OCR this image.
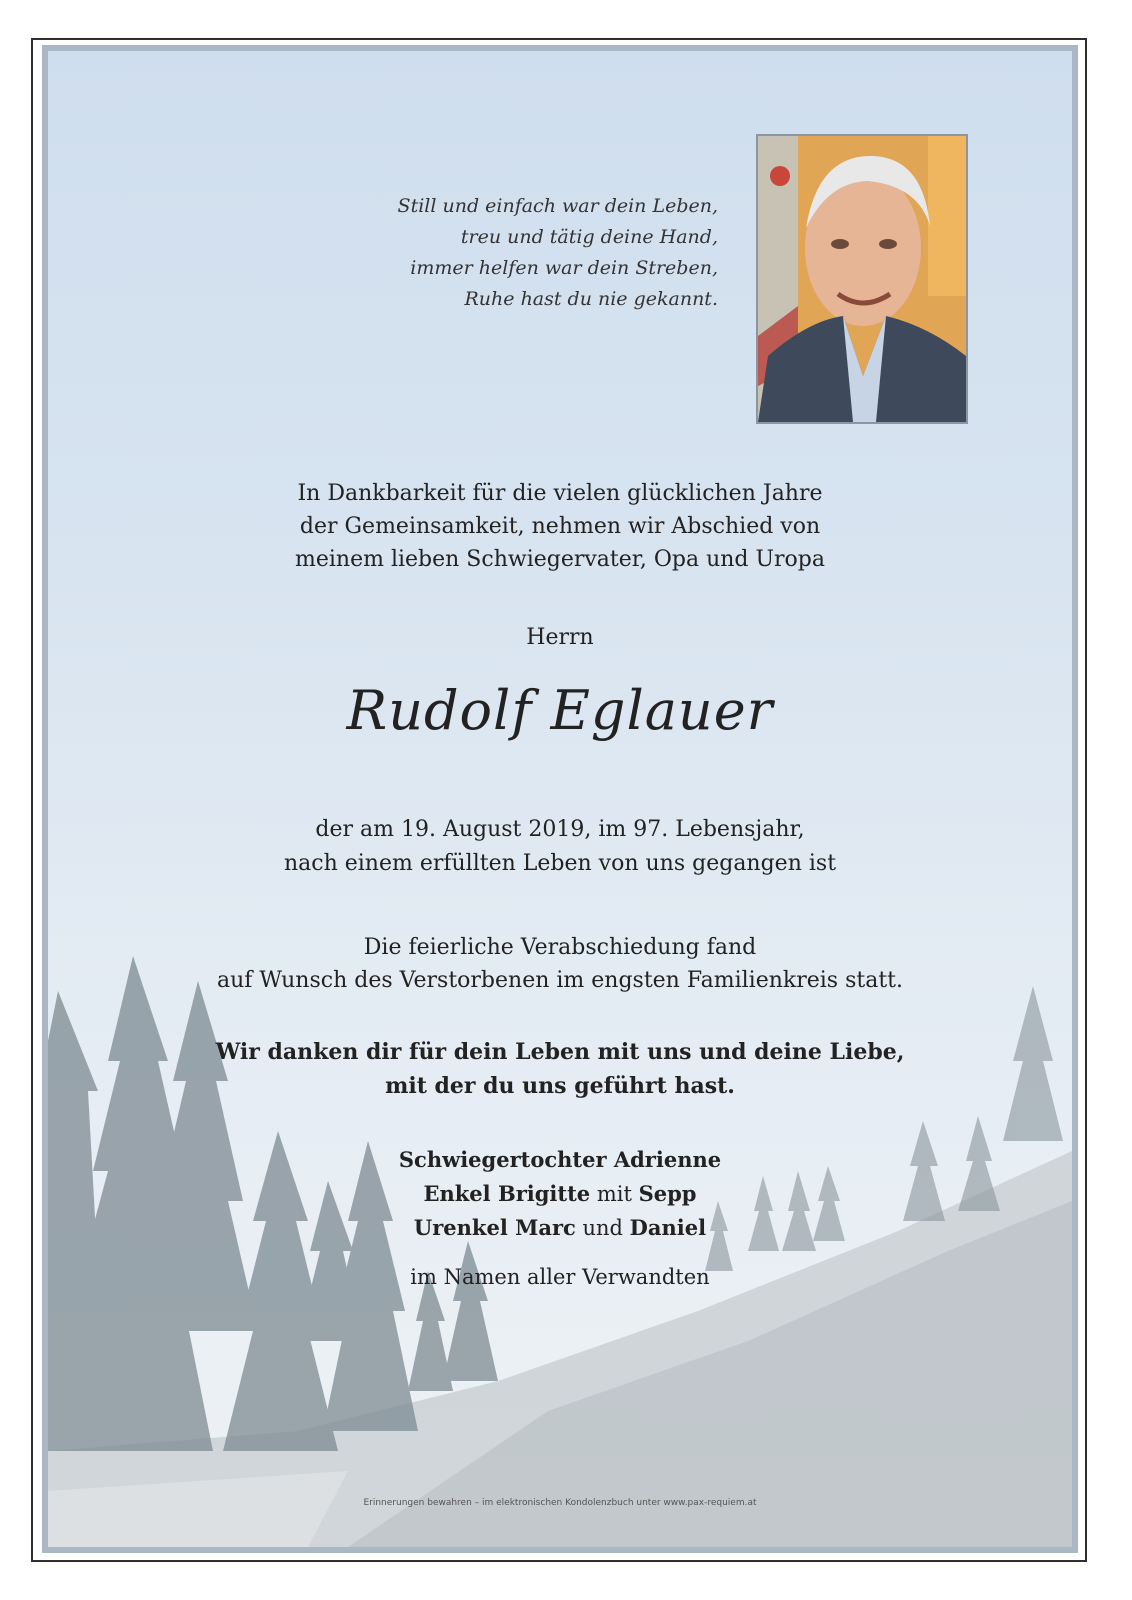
Still und einfach war dein Leben,
treu und tätig deine Hand,
immer helfen war dein Streben,
Ruhe hast du nie gekannt.
In Dankbarkeit für die vielen glücklichen Jahre
der Gemeinsamkeit, nehmen wir Abschied von
meinem lieben Schwiegervater, Opa und Uropa
Herrn
Rudolf Eglauer
der am 19. August 2019, im 97. Lebensjahr,
nach einem erfüllten Leben von uns gegangen ist
Die feierliche Verabschiedung fand
auf Wunsch des Verstorbenen im engsten Familienkreis statt.
Wir danken dir für dein Leben mit uns und deine Liebe,
mit der du uns geführt hast.
Schwiegertochter Adrienne
Enkel Brigitte mit Sepp
Urenkel Marc und Daniel
im Namen aller Verwandten
Erinnerungen bewahren – im elektronischen Kondolenzbuch unter www.pax-requiem.at
